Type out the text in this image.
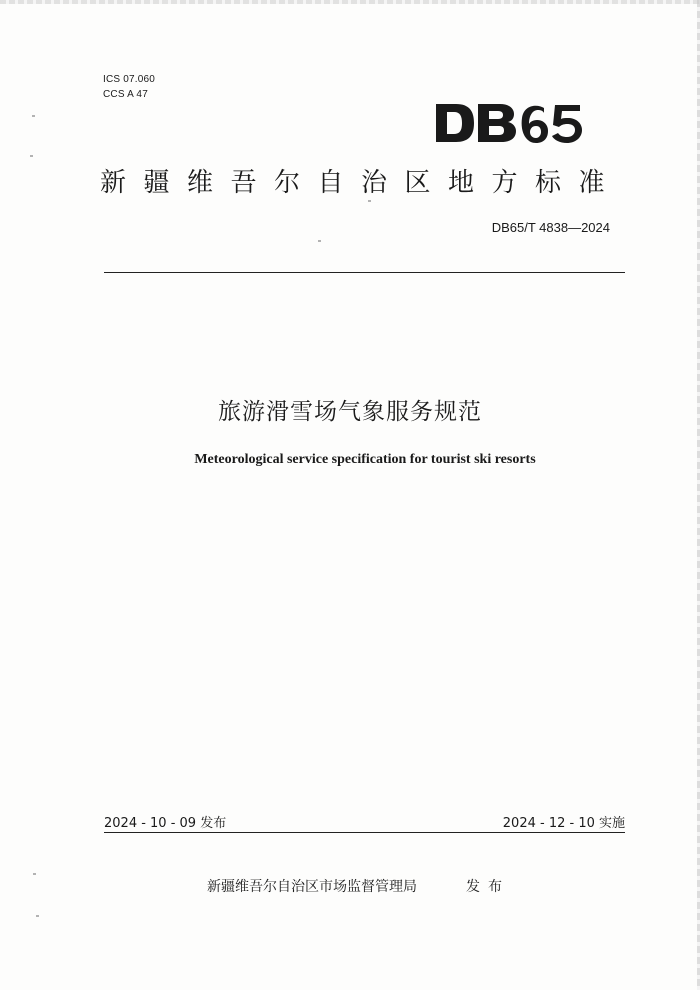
ICS 07.060
CCS A 47
新疆维吾尔自治区地方标准
DB65/T 4838—2024
旅游滑雪场气象服务规范
Meteorological service specification for tourist ski resorts
2024 - 10 - 09 发布	2024 - 12 - 10 实施
新疆维吾尔自治区市场监督管理局	发布
